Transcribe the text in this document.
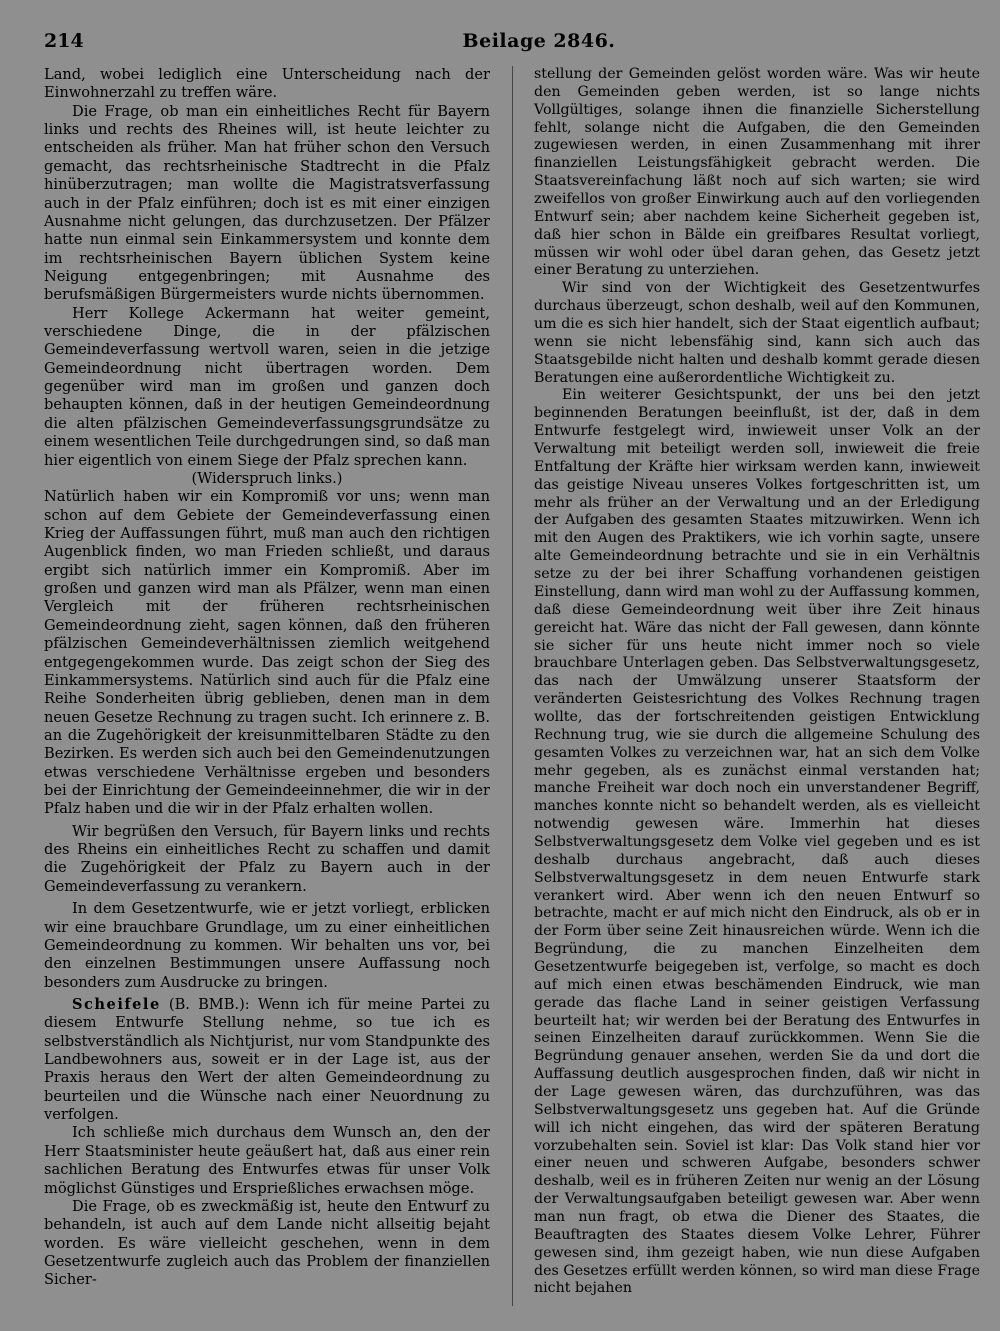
214	Beilage 2846.

Land, wobei lediglich eine Unterscheidung nach der Einwohnerzahl zu treffen wäre.

Die Frage, ob man ein einheitliches Recht für Bayern links und rechts des Rheines will, ist heute leichter zu entscheiden als früher. Man hat früher schon den Versuch gemacht, das rechtsrheinische Stadtrecht in die Pfalz hinüberzutragen; man wollte die Magistratsverfassung auch in der Pfalz einführen; doch ist es mit einer einzigen Ausnahme nicht gelungen, das durchzusetzen. Der Pfälzer hatte nun einmal sein Einkammersystem und konnte dem im rechtsrheinischen Bayern üblichen System keine Neigung entgegenbringen; mit Ausnahme des berufsmäßigen Bürgermeisters wurde nichts übernommen.

Herr Kollege Ackermann hat weiter gemeint, verschiedene Dinge, die in der pfälzischen Gemeindeverfassung wertvoll waren, seien in die jetzige Gemeindeordnung nicht übertragen worden. Dem gegenüber wird man im großen und ganzen doch behaupten können, daß in der heutigen Gemeindeordnung die alten pfälzischen Gemeindeverfassungsgrundsätze zu einem wesentlichen Teile durchgedrungen sind, so daß man hier eigentlich von einem Siege der Pfalz sprechen kann.

(Widerspruch links.)

Natürlich haben wir ein Kompromiß vor uns; wenn man schon auf dem Gebiete der Gemeindeverfassung einen Krieg der Auffassungen führt, muß man auch den richtigen Augenblick finden, wo man Frieden schließt, und daraus ergibt sich natürlich immer ein Kompromiß. Aber im großen und ganzen wird man als Pfälzer, wenn man einen Vergleich mit der früheren rechtsrheinischen Gemeindeordnung zieht, sagen können, daß den früheren pfälzischen Gemeindeverhältnissen ziemlich weitgehend entgegengekommen wurde. Das zeigt schon der Sieg des Einkammersystems. Natürlich sind auch für die Pfalz eine Reihe Sonderheiten übrig geblieben, denen man in dem neuen Gesetze Rechnung zu tragen sucht. Ich erinnere z. B. an die Zugehörigkeit der kreisunmittelbaren Städte zu den Bezirken. Es werden sich auch bei den Gemeindenutzungen etwas verschiedene Verhältnisse ergeben und besonders bei der Einrichtung der Gemeindeeinnehmer, die wir in der Pfalz haben und die wir in der Pfalz erhalten wollen.

Wir begrüßen den Versuch, für Bayern links und rechts des Rheins ein einheitliches Recht zu schaffen und damit die Zugehörigkeit der Pfalz zu Bayern auch in der Gemeindeverfassung zu verankern.

In dem Gesetzentwurfe, wie er jetzt vorliegt, erblicken wir eine brauchbare Grundlage, um zu einer einheitlichen Gemeindeordnung zu kommen. Wir behalten uns vor, bei den einzelnen Bestimmungen unsere Auffassung noch besonders zum Ausdrucke zu bringen.

Scheifele (B. BMB.): Wenn ich für meine Partei zu diesem Entwurfe Stellung nehme, so tue ich es selbstverständlich als Nichtjurist, nur vom Standpunkte des Landbewohners aus, soweit er in der Lage ist, aus der Praxis heraus den Wert der alten Gemeindeordnung zu beurteilen und die Wünsche nach einer Neuordnung zu verfolgen.

Ich schließe mich durchaus dem Wunsch an, den der Herr Staatsminister heute geäußert hat, daß aus einer rein sachlichen Beratung des Entwurfes etwas für unser Volk möglichst Günstiges und Ersprießliches erwachsen möge.

Die Frage, ob es zweckmäßig ist, heute den Entwurf zu behandeln, ist auch auf dem Lande nicht allseitig bejaht worden. Es wäre vielleicht geschehen, wenn in dem Gesetzentwurfe zugleich auch das Problem der finanziellen Sicher-

stellung der Gemeinden gelöst worden wäre. Was wir heute den Gemeinden geben werden, ist so lange nichts Vollgültiges, solange ihnen die finanzielle Sicherstellung fehlt, solange nicht die Aufgaben, die den Gemeinden zugewiesen werden, in einen Zusammenhang mit ihrer finanziellen Leistungsfähigkeit gebracht werden. Die Staatsvereinfachung läßt noch auf sich warten; sie wird zweifellos von großer Einwirkung auch auf den vorliegenden Entwurf sein; aber nachdem keine Sicherheit gegeben ist, daß hier schon in Bälde ein greifbares Resultat vorliegt, müssen wir wohl oder übel daran gehen, das Gesetz jetzt einer Beratung zu unterziehen.

Wir sind von der Wichtigkeit des Gesetzentwurfes durchaus überzeugt, schon deshalb, weil auf den Kommunen, um die es sich hier handelt, sich der Staat eigentlich aufbaut; wenn sie nicht lebensfähig sind, kann sich auch das Staatsgebilde nicht halten und deshalb kommt gerade diesen Beratungen eine außerordentliche Wichtigkeit zu.

Ein weiterer Gesichtspunkt, der uns bei den jetzt beginnenden Beratungen beeinflußt, ist der, daß in dem Entwurfe festgelegt wird, inwieweit unser Volk an der Verwaltung mit beteiligt werden soll, inwieweit die freie Entfaltung der Kräfte hier wirksam werden kann, inwieweit das geistige Niveau unseres Volkes fortgeschritten ist, um mehr als früher an der Verwaltung und an der Erledigung der Aufgaben des gesamten Staates mitzuwirken. Wenn ich mit den Augen des Praktikers, wie ich vorhin sagte, unsere alte Gemeindeordnung betrachte und sie in ein Verhältnis setze zu der bei ihrer Schaffung vorhandenen geistigen Einstellung, dann wird man wohl zu der Auffassung kommen, daß diese Gemeindeordnung weit über ihre Zeit hinaus gereicht hat. Wäre das nicht der Fall gewesen, dann könnte sie sicher für uns heute nicht immer noch so viele brauchbare Unterlagen geben. Das Selbstverwaltungsgesetz, das nach der Umwälzung unserer Staatsform der veränderten Geistesrichtung des Volkes Rechnung tragen wollte, das der fortschreitenden geistigen Entwicklung Rechnung trug, wie sie durch die allgemeine Schulung des gesamten Volkes zu verzeichnen war, hat an sich dem Volke mehr gegeben, als es zunächst einmal verstanden hat; manche Freiheit war doch noch ein unverstandener Begriff, manches konnte nicht so behandelt werden, als es vielleicht notwendig gewesen wäre. Immerhin hat dieses Selbstverwaltungsgesetz dem Volke viel gegeben und es ist deshalb durchaus angebracht, daß auch dieses Selbstverwaltungsgesetz in dem neuen Entwurfe stark verankert wird. Aber wenn ich den neuen Entwurf so betrachte, macht er auf mich nicht den Eindruck, als ob er in der Form über seine Zeit hinausreichen würde. Wenn ich die Begründung, die zu manchen Einzelheiten dem Gesetzentwurfe beigegeben ist, verfolge, so macht es doch auf mich einen etwas beschämenden Eindruck, wie man gerade das flache Land in seiner geistigen Verfassung beurteilt hat; wir werden bei der Beratung des Entwurfes in seinen Einzelheiten darauf zurückkommen. Wenn Sie die Begründung genauer ansehen, werden Sie da und dort die Auffassung deutlich ausgesprochen finden, daß wir nicht in der Lage gewesen wären, das durchzuführen, was das Selbstverwaltungsgesetz uns gegeben hat. Auf die Gründe will ich nicht eingehen, das wird der späteren Beratung vorzubehalten sein. Soviel ist klar: Das Volk stand hier vor einer neuen und schweren Aufgabe, besonders schwer deshalb, weil es in früheren Zeiten nur wenig an der Lösung der Verwaltungsaufgaben beteiligt gewesen war. Aber wenn man nun fragt, ob etwa die Diener des Staates, die Beauftragten des Staates diesem Volke Lehrer, Führer gewesen sind, ihm gezeigt haben, wie nun diese Aufgaben des Gesetzes erfüllt werden können, so wird man diese Frage nicht bejahen
